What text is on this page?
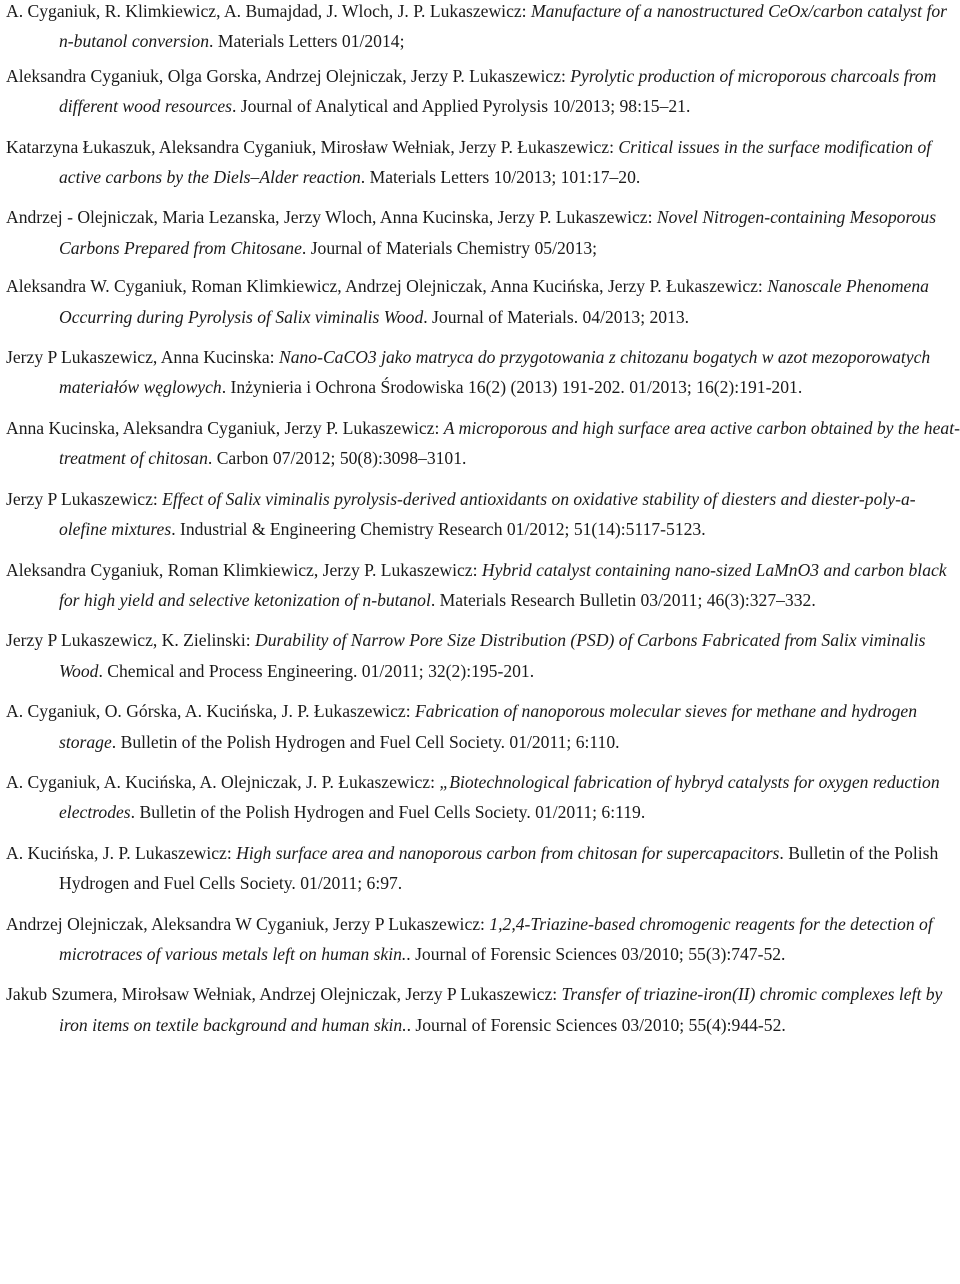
A. Cyganiuk, R. Klimkiewicz, A. Bumajdad, J. Wloch, J. P. Lukaszewicz: Manufacture of a nanostructured CeOx/carbon catalyst for n-butanol conversion. Materials Letters 01/2014;

Aleksandra Cyganiuk, Olga Gorska, Andrzej Olejniczak, Jerzy P. Lukaszewicz: Pyrolytic production of microporous charcoals from different wood resources. Journal of Analytical and Applied Pyrolysis 10/2013; 98:15–21.

Katarzyna Łukaszuk, Aleksandra Cyganiuk, Mirosław Wełniak, Jerzy P. Łukaszewicz: Critical issues in the surface modification of active carbons by the Diels–Alder reaction. Materials Letters 10/2013; 101:17–20.

Andrzej - Olejniczak, Maria Lezanska, Jerzy Wloch, Anna Kucinska, Jerzy P. Lukaszewicz: Novel Nitrogen-containing Mesoporous Carbons Prepared from Chitosane. Journal of Materials Chemistry 05/2013;

Aleksandra W. Cyganiuk, Roman Klimkiewicz, Andrzej Olejniczak, Anna Kucińska, Jerzy P. Łukaszewicz: Nanoscale Phenomena Occurring during Pyrolysis of Salix viminalis Wood. Journal of Materials. 04/2013; 2013.

Jerzy P Lukaszewicz, Anna Kucinska: Nano-CaCO3 jako matryca do przygotowania z chitozanu bogatych w azot mezoporowatych materiałów węglowych. Inżynieria i Ochrona Środowiska 16(2) (2013) 191-202. 01/2013; 16(2):191-201.

Anna Kucinska, Aleksandra Cyganiuk, Jerzy P. Lukaszewicz: A microporous and high surface area active carbon obtained by the heat-treatment of chitosan. Carbon 07/2012; 50(8):3098–3101.

Jerzy P Lukaszewicz: Effect of Salix viminalis pyrolysis-derived antioxidants on oxidative stability of diesters and diester-poly-a-olefine mixtures. Industrial & Engineering Chemistry Research 01/2012; 51(14):5117-5123.

Aleksandra Cyganiuk, Roman Klimkiewicz, Jerzy P. Lukaszewicz: Hybrid catalyst containing nano-sized LaMnO3 and carbon black for high yield and selective ketonization of n-butanol. Materials Research Bulletin 03/2011; 46(3):327–332.

Jerzy P Lukaszewicz, K. Zielinski: Durability of Narrow Pore Size Distribution (PSD) of Carbons Fabricated from Salix viminalis Wood. Chemical and Process Engineering. 01/2011; 32(2):195-201.

A. Cyganiuk, O. Górska, A. Kucińska, J. P. Łukaszewicz: Fabrication of nanoporous molecular sieves for methane and hydrogen storage. Bulletin of the Polish Hydrogen and Fuel Cell Society. 01/2011; 6:110.

A. Cyganiuk, A. Kucińska, A. Olejniczak, J. P. Łukaszewicz: „Biotechnological fabrication of hybryd catalysts for oxygen reduction electrodes. Bulletin of the Polish Hydrogen and Fuel Cells Society. 01/2011; 6:119.

A. Kucińska, J. P. Lukaszewicz: High surface area and nanoporous carbon from chitosan for supercapacitors. Bulletin of the Polish Hydrogen and Fuel Cells Society. 01/2011; 6:97.

Andrzej Olejniczak, Aleksandra W Cyganiuk, Jerzy P Lukaszewicz: 1,2,4-Triazine-based chromogenic reagents for the detection of microtraces of various metals left on human skin.. Journal of Forensic Sciences 03/2010; 55(3):747-52.

Jakub Szumera, Mirołsaw Wełniak, Andrzej Olejniczak, Jerzy P Lukaszewicz: Transfer of triazine-iron(II) chromic complexes left by iron items on textile background and human skin.. Journal of Forensic Sciences 03/2010; 55(4):944-52.
